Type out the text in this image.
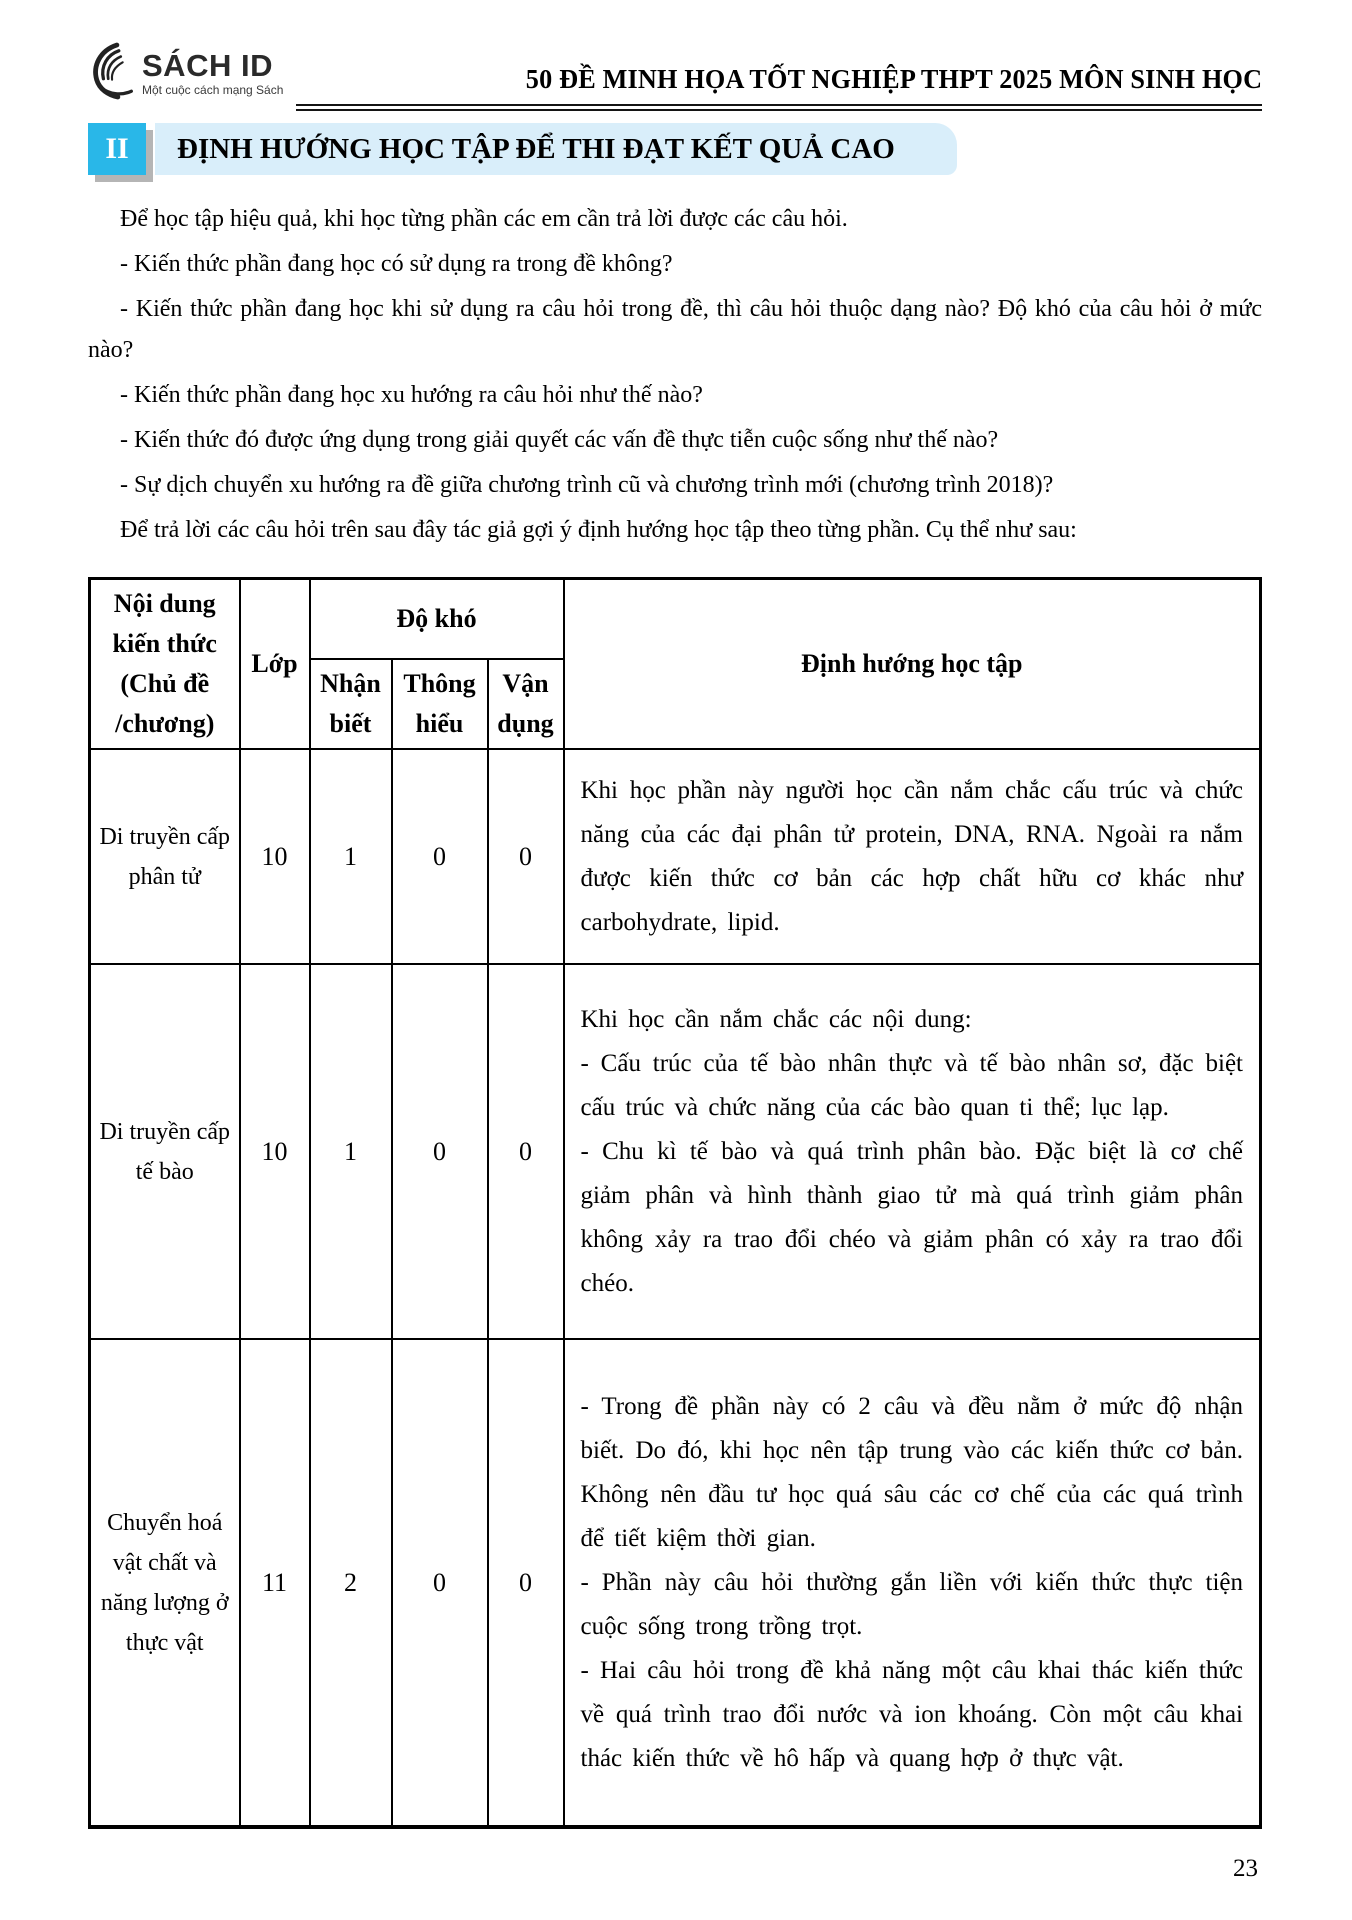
SÁCH ID
Một cuộc cách mạng Sách	50 ĐỀ MINH HỌA TỐT NGHIỆP THPT 2025 MÔN SINH HỌC
II	ĐỊNH HƯỚNG HỌC TẬP ĐỂ THI ĐẠT KẾT QUẢ CAO

Để học tập hiệu quả, khi học từng phần các em cần trả lời được các câu hỏi.

- Kiến thức phần đang học có sử dụng ra trong đề không?

- Kiến thức phần đang học khi sử dụng ra câu hỏi trong đề, thì câu hỏi thuộc dạng nào? Độ khó của câu hỏi ở mức nào?

- Kiến thức phần đang học xu hướng ra câu hỏi như thế nào?

- Kiến thức đó được ứng dụng trong giải quyết các vấn đề thực tiễn cuộc sống như thế nào?

- Sự dịch chuyển xu hướng ra đề giữa chương trình cũ và chương trình mới (chương trình 2018)?

Để trả lời các câu hỏi trên sau đây tác giả gợi ý định hướng học tập theo từng phần. Cụ thể như sau:

Nội dung kiến thức (Chủ đề /chương)	Lớp	Độ khó			Định hướng học tập
		Nhận biết	Thông hiểu	Vận dụng	
Di truyền cấp phân tử	10	1	0	0	Khi học phần này người học cần nắm chắc cấu trúc và chức năng của các đại phân tử protein, DNA, RNA. Ngoài ra nắm được kiến thức cơ bản các hợp chất hữu cơ khác như carbohydrate, lipid.

Di truyền cấp tế bào	10	1	0	0	Khi học cần nắm chắc các nội dung:

- Cấu trúc của tế bào nhân thực và tế bào nhân sơ, đặc biệt cấu trúc và chức năng của các bào quan ti thể; lục lạp.

- Chu kì tế bào và quá trình phân bào. Đặc biệt là cơ chế giảm phân và hình thành giao tử mà quá trình giảm phân không xảy ra trao đổi chéo và giảm phân có xảy ra trao đổi chéo.

Chuyển hoá vật chất và năng lượng ở thực vật	11	2	0	0	- Trong đề phần này có 2 câu và đều nằm ở mức độ nhận biết. Do đó, khi học nên tập trung vào các kiến thức cơ bản. Không nên đầu tư học quá sâu các cơ chế của các quá trình để tiết kiệm thời gian.

- Phần này câu hỏi thường gắn liền với kiến thức thực tiện cuộc sống trong trồng trọt.

- Hai câu hỏi trong đề khả năng một câu khai thác kiến thức về quá trình trao đổi nước và ion khoáng. Còn một câu khai thác kiến thức về hô hấp và quang hợp ở thực vật.

23
